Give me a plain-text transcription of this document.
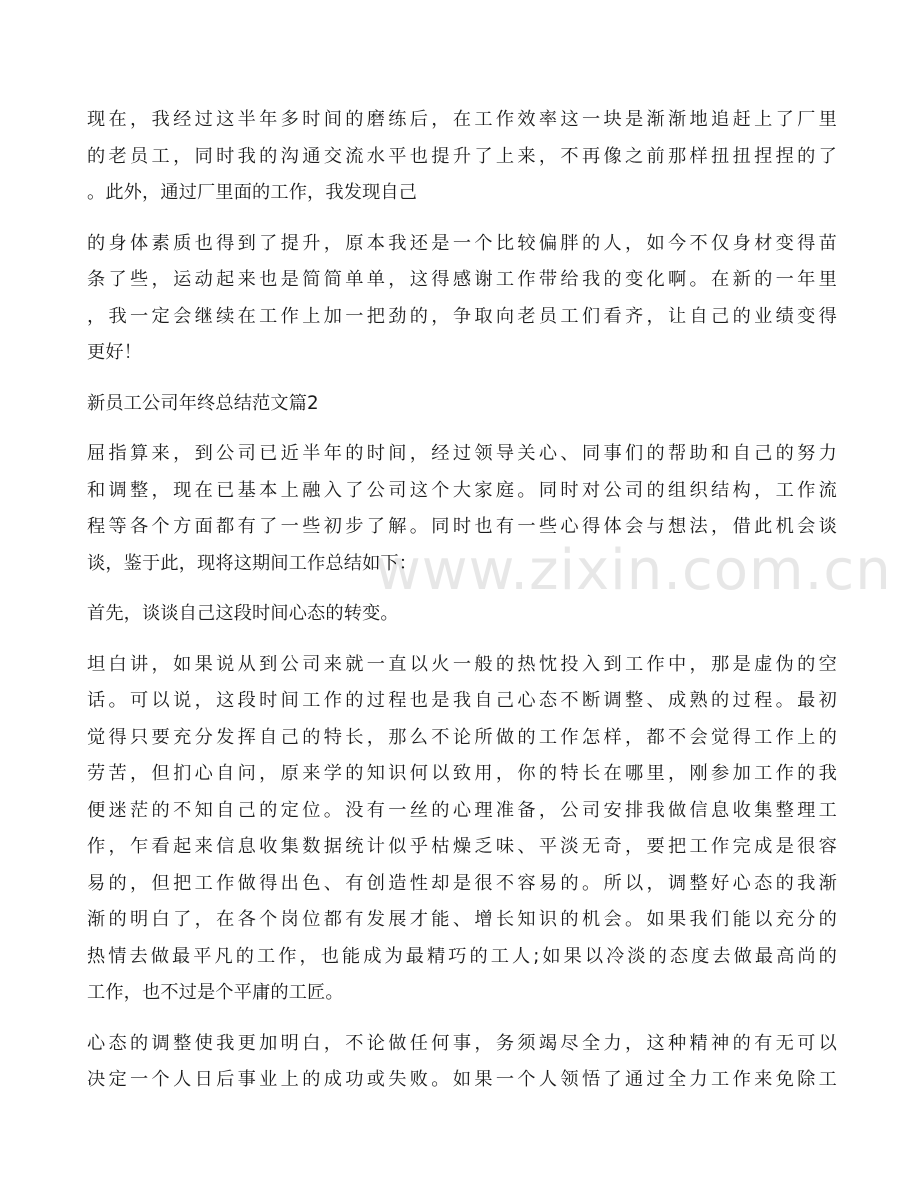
www.zixin.com.cn
现在，我经过这半年多时间的磨练后，在工作效率这一块是渐渐地追赶上了厂里
的老员工，同时我的沟通交流水平也提升了上来，不再像之前那样扭扭捏捏的了
。此外，通过厂里面的工作，我发现自己
的身体素质也得到了提升，原本我还是一个比较偏胖的人，如今不仅身材变得苗
条了些，运动起来也是简简单单，这得感谢工作带给我的变化啊。在新的一年里
，我一定会继续在工作上加一把劲的，争取向老员工们看齐，让自己的业绩变得
更好！
新员工公司年终总结范文篇2
屈指算来，到公司已近半年的时间，经过领导关心、同事们的帮助和自己的努力
和调整，现在已基本上融入了公司这个大家庭。同时对公司的组织结构，工作流
程等各个方面都有了一些初步了解。同时也有一些心得体会与想法，借此机会谈
谈，鉴于此，现将这期间工作总结如下：
首先，谈谈自己这段时间心态的转变。
坦白讲，如果说从到公司来就一直以火一般的热忱投入到工作中，那是虚伪的空
话。可以说，这段时间工作的过程也是我自己心态不断调整、成熟的过程。最初
觉得只要充分发挥自己的特长，那么不论所做的工作怎样，都不会觉得工作上的
劳苦，但扪心自问，原来学的知识何以致用，你的特长在哪里，刚参加工作的我
便迷茫的不知自己的定位。没有一丝的心理准备，公司安排我做信息收集整理工
作，乍看起来信息收集数据统计似乎枯燥乏味、平淡无奇，要把工作完成是很容
易的，但把工作做得出色、有创造性却是很不容易的。所以，调整好心态的我渐
渐的明白了，在各个岗位都有发展才能、增长知识的机会。如果我们能以充分的
热情去做最平凡的工作，也能成为最精巧的工人;如果以冷淡的态度去做最高尚的
工作，也不过是个平庸的工匠。
心态的调整使我更加明白，不论做任何事，务须竭尽全力，这种精神的有无可以
决定一个人日后事业上的成功或失败。如果一个人领悟了通过全力工作来免除工
